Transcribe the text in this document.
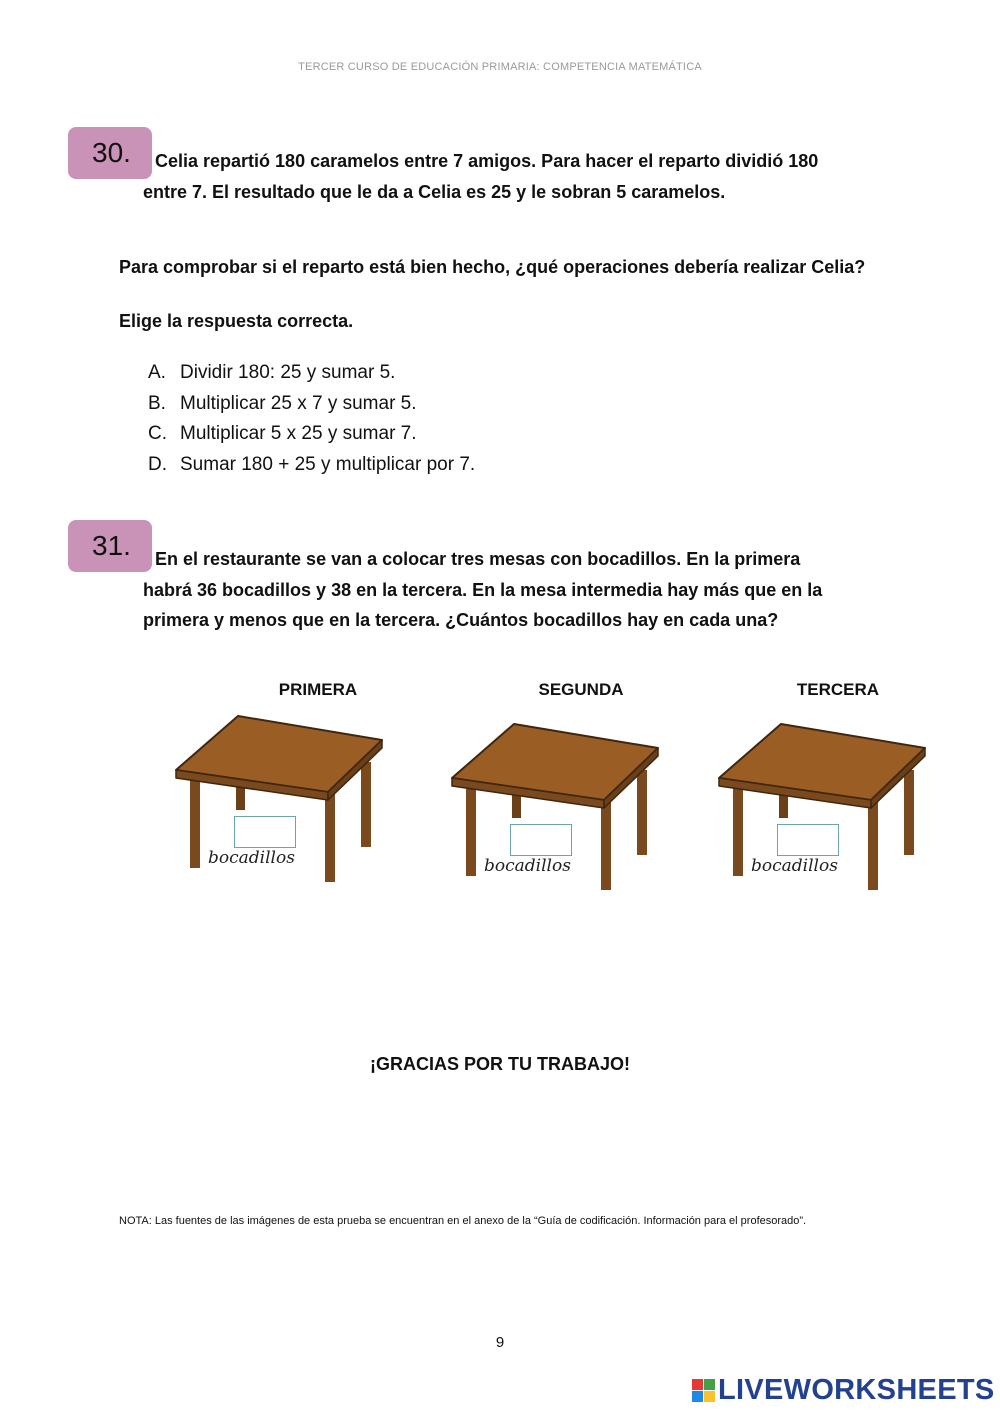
TERCER CURSO DE EDUCACIÓN PRIMARIA: COMPETENCIA MATEMÁTICA
30.	Celia repartió 180 caramelos entre 7 amigos. Para hacer el reparto dividió 180
entre 7. El resultado que le da a Celia es 25 y le sobran 5 caramelos.
Para comprobar si el reparto está bien hecho, ¿qué operaciones debería realizar Celia?
Elige la respuesta correcta.
A. Dividir 180: 25 y sumar 5.
B. Multiplicar 25 x 7 y sumar 5.
C. Multiplicar 5 x 25 y sumar 7.
D. Sumar 180 + 25 y multiplicar por 7.
31.	En el restaurante se van a colocar tres mesas con bocadillos. En la primera
habrá 36 bocadillos y 38 en la tercera. En la mesa intermedia hay más que en la
primera y menos que en la tercera. ¿Cuántos bocadillos hay en cada una?
PRIMERA	SEGUNDA	TERCERA
bocadillos	bocadillos	bocadillos
¡GRACIAS POR TU TRABAJO!
NOTA: Las fuentes de las imágenes de esta prueba se encuentran en el anexo de la “Guía de codificación. Información para el profesorado”.
9
LIVEWORKSHEETS
